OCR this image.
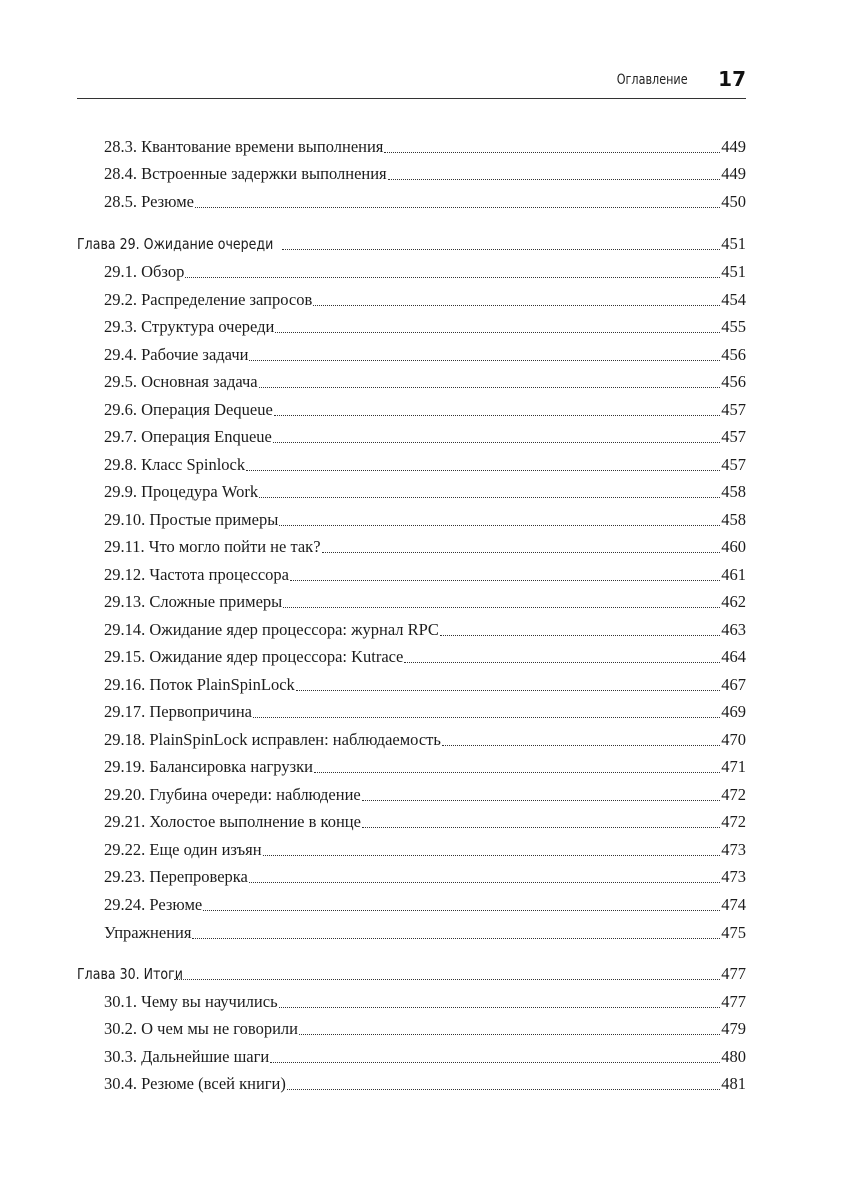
Оглавление 17
28.3. Квантование времени выполнения	449
28.4. Встроенные задержки выполнения	449
28.5. Резюме	450
Глава 29. Ожидание очереди	451
29.1. Обзор	451
29.2. Распределение запросов	454
29.3. Структура очереди	455
29.4. Рабочие задачи	456
29.5. Основная задача	456
29.6. Операция Dequeue	457
29.7. Операция Enqueue	457
29.8. Класс Spinlock	457
29.9. Процедура Work	458
29.10. Простые примеры	458
29.11. Что могло пойти не так?	460
29.12. Частота процессора	461
29.13. Сложные примеры	462
29.14. Ожидание ядер процессора: журнал RPC	463
29.15. Ожидание ядер процессора: Kutrace	464
29.16. Поток PlainSpinLock	467
29.17. Первопричина	469
29.18. PlainSpinLock исправлен: наблюдаемость	470
29.19. Балансировка нагрузки	471
29.20. Глубина очереди: наблюдение	472
29.21. Холостое выполнение в конце	472
29.22. Еще один изъян	473
29.23. Перепроверка	473
29.24. Резюме	474
Упражнения	475
Глава 30. Итоги	477
30.1. Чему вы научились	477
30.2. О чем мы не говорили	479
30.3. Дальнейшие шаги	480
30.4. Резюме (всей книги)	481
